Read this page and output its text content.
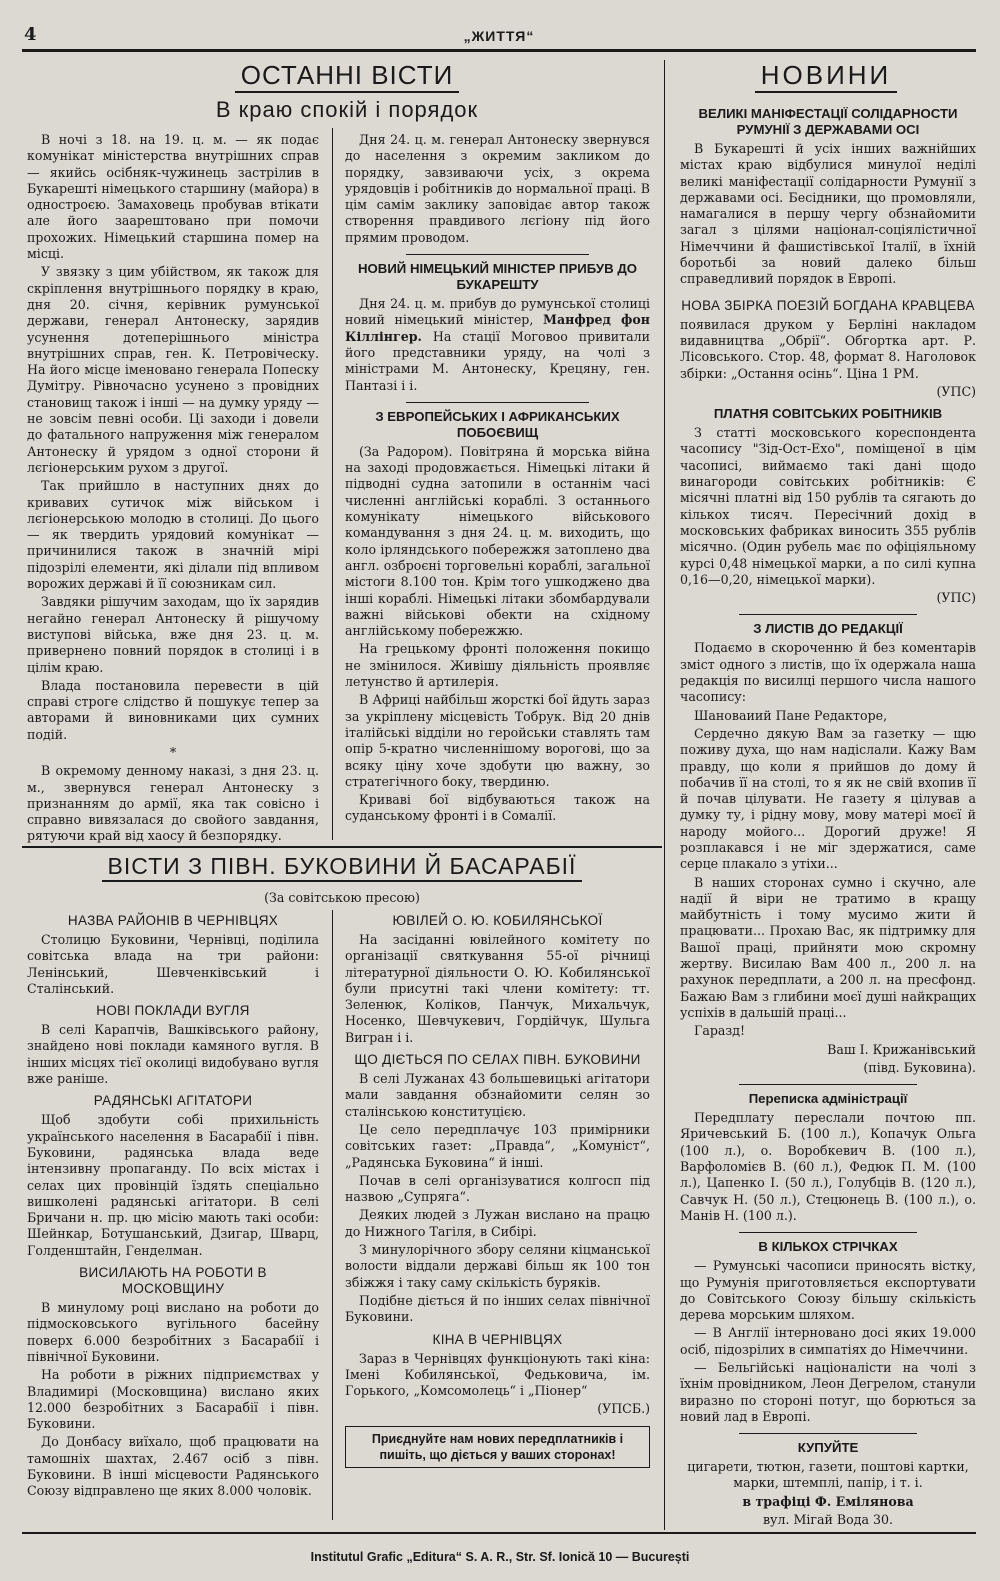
4	„ЖИТТЯ“
ОСТАННІ ВІСТИ
В краю спокій і порядок

В ночі з 18. на 19. ц. м. — як подає комунікат міністерства внутрішних справ — якийсь осібняк-чужинець застрілив в Букарешті німецького старшину (майора) в одностроєю. Замаховець пробував втікати але його заарештовано при помочи прохожих. Німецький старшина помер на місці.

У звязку з цим убійством, як також для скріплення внутрішнього порядку в краю, дня 20. січня, керівник румунської держави, генерал Антонеску, зарядив усунення дотеперішнього міністра внутрішних справ, ген. К. Петровіческу. На його місце іменовано генерала Попеску Думітру. Рівночасно усунено з провідних становищ також і інші — на думку уряду — не зовсім певні особи. Ці заходи і довели до фатального напруження між генералом Антонеску й урядом з одної сторони й лєгіонерським рухом з другої.

Так прийшло в наступних днях до кривавих сутичок між військом і лєгіонерською молодю в столиці. До цього — як твердить урядовий комунікат — причинилися також в значній мірі підозрілі елементи, які ділали під впливом ворожих державі й її союзникам сил.

Завдяки рішучим заходам, що їх зарядив негайно генерал Антонеску й рішучому виступові війська, вже дня 23. ц. м. привернено повний порядок в столиці і в цілім краю.

Влада постановила перевести в цій справі строге слідство й пошукує тепер за авторами й виновниками цих сумних подій.

*

В окремому денному наказі, з дня 23. ц. м., звернувся генерал Антонеску з признанням до армії, яка так совісно і справно вивязалася до свойого завдання, рятуючи край від хаосу й безпорядку.

Дня 24. ц. м. генерал Антонеску звернувся до населення з окремим закликом до порядку, завзиваючи усіх, з окрема урядовців і робітників до нормальної праці. В цім самім заклику заповідає автор також створення правдивого лєгіону під його прямим проводом.

НОВИЙ НІМЕЦЬКИЙ МІНІСТЕР ПРИБУВ ДО БУКАРЕШТУ

Дня 24. ц. м. прибув до румунської столиці новий німецький міністер, Манфред фон Кіллінгер. На стації Моговоо привитали його представники уряду, на чолі з міністрами М. Антонеску, Крецяну, ген. Пантазі і і.

З ЕВРОПЕЙСЬКИХ І АФРИКАНСЬКИХ ПОБОЄВИЩ

(За Радором). Повітряна й морська війна на заході продовжається. Німецькі літаки й підводні судна затопили в останнім часі численні англійські кораблі. З останнього комунікату німецького військового командування з дня 24. ц. м. виходить, що коло ірляндського побережжя затоплено два англ. озброєні торговельні кораблі, загальної містоги 8.100 тон. Крім того ушкоджено два інші кораблі. Німецькі літаки збомбардували важні військові обекти на східному англійському побережжю.

На грецькому фронті положення покищо не змінилося. Живішу діяльність проявляє летунство й артилерія.

В Африці найбільш жорсткі бої йдуть зараз за укріплену місцевість Тобрук. Від 20 днів італійські відділи но геройськи ставлять там опір 5-кратно численнішому ворогові, що за всяку ціну хоче здобути цю важну, зо стратегічного боку, твердиню.

Криваві бої відбуваються також на суданському фронті і в Сомалії.

НОВИНИ
ВЕЛИКІ МАНІФЕСТАЦІЇ СОЛІДАРНОСТИ РУМУНІЇ З ДЕРЖАВАМИ ОСІ

В Букарешті й усіх інших важнійших містах краю відбулися минулої неділі великі маніфестації солідарности Румунії з державами осі. Бесідники, що промовляли, намагалися в першу чергу обзнайомити загал з цілями націонал-соціялістичної Німеччини й фашистівської Італії, в їхній боротьбі за новий далеко більш справедливий порядок в Европі.

НОВА ЗБІРКА ПОЕЗІЙ БОГДАНА КРАВЦЕВА

появилася друком у Берліні накладом видавництва „Обрії“. Обгортка арт. Р. Лісовського. Стор. 48, формат 8. Наголовок збірки: „Остання осінь“. Ціна 1 РМ.

(УПС)

ПЛАТНЯ СОВІТСЬКИХ РОБІТНИКІВ

З статті московського кореспондента часопису "Зід-Ост-Ехо", поміщеної в цім часописі, виймаємо такі дані щодо винагороди совітських робітників: Є місячні платні від 150 рублів та сягають до кількох тисяч. Пересічний дохід в московських фабриках виносить 355 рублів місячно. (Один рубель має по офіціяльному курсі 0,48 німецької марки, а по силі купна 0,16—0,20, німецької марки).

(УПС)

З ЛИСТІВ ДО РЕДАКЦІЇ

Подаємо в скороченню й без коментарів зміст одного з листів, що їх одержала наша редакція по висилці першого числа нашого часопису:

Шановаиий Пане Редакторе,

Сердечно дякую Вам за газетку — щю поживу духа, що нам надіслали. Кажу Вам правду, що коли я прийшов до дому й побачив її на столі, то я як не свій вхопив її й почав цілувати. Не газету я цілував а думку ту, і рідну мову, мову матері моєї й народу мойого... Дорогий друже! Я розплакався і не міг здержатися, саме серце плакало з утіхи...

В наших сторонах сумно і скучно, але надії й віри не тратимо в кращу майбутність і тому мусимо жити й працювати... Прохаю Вас, як підтримку для Вашої праці, прийняти мою скромну жертву. Висилаю Вам 400 л., 200 л. на рахунок передплати, а 200 л. на пресфонд. Бажаю Вам з глибини моєї душі найкращих успіхів в дальшій праці...

Гаразд!

Ваш І. Крижанівський

(півд. Буковина).

Переписка адміністрації

Передплату переслали почтою пп. Яричевський Б. (100 л.), Копачук Ольга (100 л.), о. Воробкевич В. (100 л.), Варфоломієв В. (60 л.), Федюк П. М. (100 л.), Цапенко І. (50 л.), Голубців В. (120 л.), Савчук Н. (50 л.), Стецюнець В. (100 л.), о. Манів Н. (100 л.).

В КІЛЬКОХ СТРІЧКАХ

— Румунські часописи приносять вістку, що Румунія приготовляється експортувати до Совітського Союзу більшу скількість дерева морським шляхом.

— В Англії інтерновано досі яких 19.000 осіб, підозрілих в симпатіях до Німеччини.

— Бельгійські націоналісти на чолі з їхнім провідником, Леон Дегрелом, станули виразно по стороні потуг, що борються за новий лад в Европі.

КУПУЙТЕ

цигарети, тютюн, газети, поштові картки, марки, штемплі, папір, і т. і.

в трафіці Ф. Емілянова

вул. Мігай Вода 30.

ВІСТИ З ПІВН. БУКОВИНИ Й БАСАРАБІЇ
(За совітською пресою)
НАЗВА РАЙОНІВ В ЧЕРНІВЦЯХ

Столицю Буковини, Чернівці, поділила совітська влада на три райони: Ленінський, Шевченківський і Сталінський.

НОВІ ПОКЛАДИ ВУГЛЯ

В селі Карапчів, Вашківського району, знайдено нові поклади камяного вугля. В інших місцях тієї околиці видобувано вугля вже раніше.

РАДЯНСЬКІ АГІТАТОРИ

Щоб здобути собі прихильність українського населення в Басарабії і півн. Буковини, радянська влада веде інтензивну пропаганду. По всіх містах і селах цих провінцій їздять спеціально вишколені радянські агітатори. В селі Бричани н. пр. цю місію мають такі особи: Шейнкар, Ботушанський, Дзигар, Шварц, Голденштайн, Генделман.

ВИСИЛАЮТЬ НА РОБОТИ В МОСКОВЩИНУ

В минулому році вислано на роботи до підмосковського вугільного басейну поверх 6.000 безробітних з Басарабії і північної Буковини.

На роботи в ріжних підприємствах у Владимирі (Московщина) вислано яких 12.000 безробітних з Басарабії і півн. Буковини.

До Донбасу виїхало, щоб працювати на тамошніх шахтах, 2.467 осіб з півн. Буковини. В інші місцевости Радянського Союзу відправлено ще яких 8.000 чоловік.

ЮВІЛЕЙ О. Ю. КОБИЛЯНСЬКОЇ

На засіданні ювілейного комітету по організації святкування 55-ої річниці літературної діяльности О. Ю. Кобилянської були присутні такі члени комітету: тт. Зеленюк, Коліков, Панчук, Михальчук, Носенко, Шевчукевич, Гордійчук, Шульга Вигран і і.

ЩО ДІЄТЬСЯ ПО СЕЛАХ ПІВН. БУКОВИНИ

В селі Лужанах 43 большевицькі агітатори мали завдання обзнайомити селян зо сталінською конституцією.

Це село передплачує 103 примірники совітських газет: „Правда“, „Комуніст“, „Радянська Буковина“ й інші.

Почав в селі організуватися колгосп під назвою „Супряга“.

Деяких людей з Лужан вислано на працю до Нижного Тагіля, в Сибірі.

З минулорічного збору селяни кіцманської волости віддали державі більш як 100 тон збіжжя і таку саму скількість буряків.

Подібне діється й по інших селах північної Буковини.

КІНА В ЧЕРНІВЦЯХ

Зараз в Чернівцях функціонують такі кіна: Імені Кобилянської, Федьковича, ім. Горького, „Комсомолець“ і „Піонер“

(УПСБ.)

Приєднуйте нам нових передплатників і пишіть, що діється у ваших сторонах!
Institutul Grafic „Editura“ S. A. R., Str. Sf. Ionică 10 — București
